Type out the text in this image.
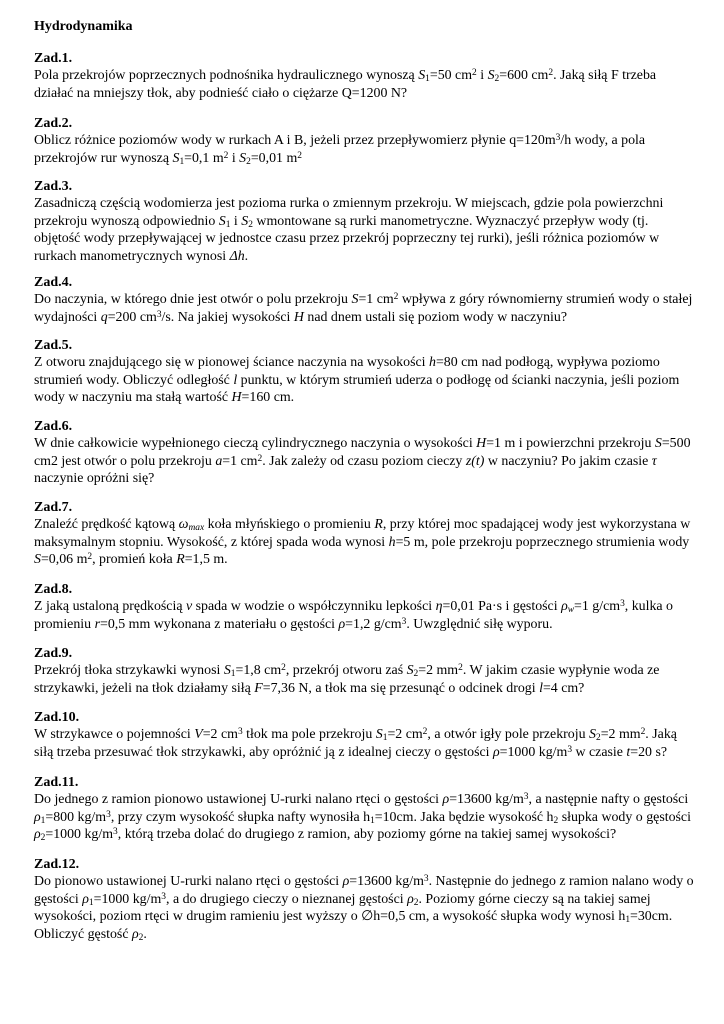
Hydrodynamika
Zad.1.
Pola przekrojów poprzecznych podnośnika hydraulicznego wynoszą $S_1=50$ $cm^2$ i $S_2=600$ $cm^2$. Jaką siłą F trzeba działać na mniejszy tłok, aby podnieść ciało o ciężarze Q=1200 N?
Zad.2.
Oblicz różnice poziomów wody w rurkach A i B, jeżeli przez przepływomierz płynie $q=120m^3/h$ wody, a pola przekrojów rur wynoszą $S_1=0,1$ $m^2$ i $S_2=0,01$ $m^2$
Zad.3.
Zasadniczą częścią wodomierza jest pozioma rurka o zmiennym przekroju. W miejscach, gdzie pola powierzchni przekroju wynoszą odpowiednio $S_1$ i $S_2$ wmontowane są rurki manometryczne. Wyznaczyć przepływ wody (tj. objętość wody przepływającej w jednostce czasu przez przekrój poprzeczny tej rurki), jeśli różnica poziomów w rurkach manometrycznych wynosi Δh.
Zad.4.
Do naczynia, w którego dnie jest otwór o polu przekroju S=1 $cm^2$ wpływa z góry równomierny strumień wody o stałej wydajności q=200 $cm^3/s$. Na jakiej wysokości H nad dnem ustali się poziom wody w naczyniu?
Zad.5.
Z otworu znajdującego się w pionowej ściance naczynia na wysokości h=80 cm nad podłogą, wypływa poziomo strumień wody. Obliczyć odległość l punktu, w którym strumień uderza o podłogę od ścianki naczynia, jeśli poziom wody w naczyniu ma stałą wartość H=160 cm.
Zad.6.
W dnie całkowicie wypełnionego cieczą cylindrycznego naczynia o wysokości H=1 m i powierzchni przekroju S=500 cm2 jest otwór o polu przekroju a=1 $cm^2$. Jak zależy od czasu poziom cieczy z(t) w naczyniu? Po jakim czasie τ naczynie opróżni się?
Zad.7.
Znaleźć prędkość kątową $\omega_{max}$ koła młyńskiego o promieniu R, przy której moc spadającej wody jest wykorzystana w maksymalnym stopniu. Wysokość, z której spada woda wynosi h=5 m, pole przekroju poprzecznego strumienia wody S=0,06 $m^2$, promień koła R=1,5 m.
Zad.8.
Z jaką ustaloną prędkością v spada w wodzie o współczynniku lepkości η=0,01 Pa·s i gęstości $\rho_w=1$ $g/cm^3$, kulka o promieniu r=0,5 mm wykonana z materiału o gęstości ρ=1,2 $g/cm^3$. Uwzględnić siłę wyporu.
Zad.9.
Przekrój tłoka strzykawki wynosi $S_1=1,8$ $cm^2$, przekrój otworu zaś $S_2=2$ $mm^2$. W jakim czasie wypłynie woda ze strzykawki, jeżeli na tłok działamy siłą F=7,36 N, a tłok ma się przesunąć o odcinek drogi l=4 cm?
Zad.10.
W strzykawce o pojemności V=2 $cm^3$ tłok ma pole przekroju $S_1=2$ $cm^2$, a otwór igły pole przekroju $S_2=2$ $mm^2$. Jaką siłą trzeba przesuwać tłok strzykawki, aby opróżnić ją z idealnej cieczy o gęstości ρ=1000 $kg/m^3$ w czasie t=20 s?
Zad.11.
Do jednego z ramion pionowo ustawionej U-rurki nalano rtęci o gęstości ρ=13600 $kg/m^3$, a następnie nafty o gęstości $\rho_1=800$ $kg/m^3$, przy czym wysokość słupka nafty wynosiła $h_1=10cm$. Jaka będzie wysokość $h_2$ słupka wody o gęstości $\rho_2=1000$ $kg/m^3$, którą trzeba dolać do drugiego z ramion, aby poziomy górne na takiej samej wysokości?
Zad.12.
Do pionowo ustawionej U-rurki nalano rtęci o gęstości ρ=13600 $kg/m^3$. Następnie do jednego z ramion nalano wody o gęstości $\rho_1=1000$ $kg/m^3$, a do drugiego cieczy o nieznanej gęstości $\rho_2$. Poziomy górne cieczy są na takiej samej wysokości, poziom rtęci w drugim ramieniu jest wyższy o ∅h=0,5 cm, a wysokość słupka wody wynosi $h_1=30cm$. Obliczyć gęstość $\rho_2$.
